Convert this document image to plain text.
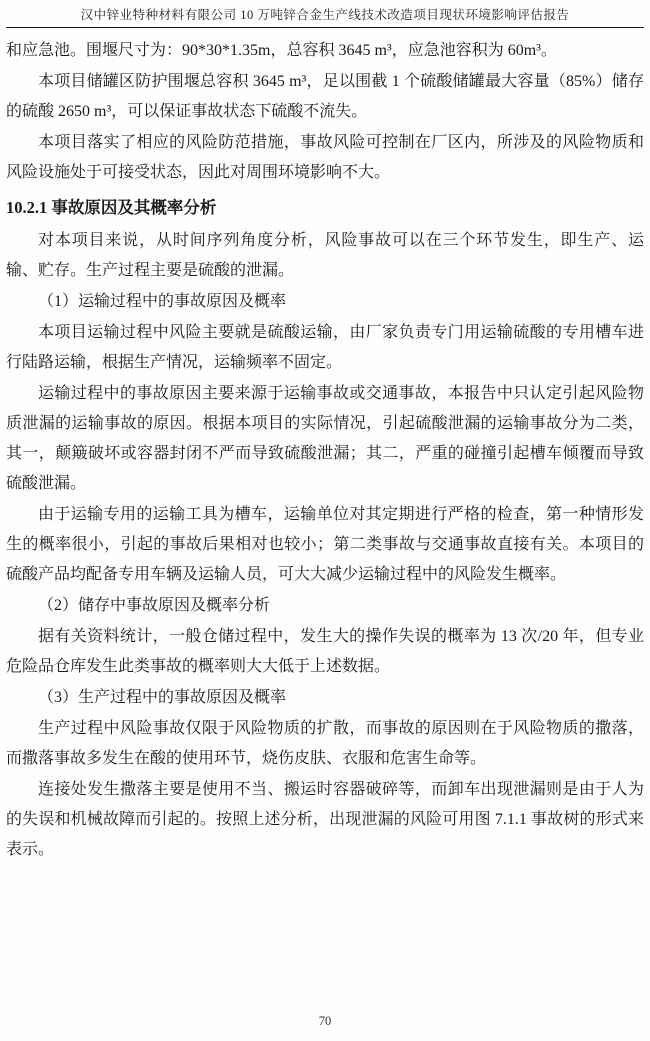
汉中锌业特种材料有限公司 10 万吨锌合金生产线技术改造项目现状环境影响评估报告

和应急池。围堰尺寸为：90*30*1.35m，总容积 3645 m³，应急池容积为 60m³。

本项目储罐区防护围堰总容积 3645 m³，足以围截 1 个硫酸储罐最大容量（85%）储存的硫酸 2650 m³，可以保证事故状态下硫酸不流失。

本项目落实了相应的风险防范措施，事故风险可控制在厂区内，所涉及的风险物质和风险设施处于可接受状态，因此对周围环境影响不大。

10.2.1 事故原因及其概率分析

对本项目来说，从时间序列角度分析，风险事故可以在三个环节发生，即生产、运输、贮存。生产过程主要是硫酸的泄漏。

（1）运输过程中的事故原因及概率

本项目运输过程中风险主要就是硫酸运输，由厂家负责专门用运输硫酸的专用槽车进行陆路运输，根据生产情况，运输频率不固定。

运输过程中的事故原因主要来源于运输事故或交通事故，本报告中只认定引起风险物质泄漏的运输事故的原因。根据本项目的实际情况，引起硫酸泄漏的运输事故分为二类，其一，颠簸破坏或容器封闭不严而导致硫酸泄漏；其二，严重的碰撞引起槽车倾覆而导致硫酸泄漏。

由于运输专用的运输工具为槽车，运输单位对其定期进行严格的检查，第一种情形发生的概率很小，引起的事故后果相对也较小；第二类事故与交通事故直接有关。本项目的硫酸产品均配备专用车辆及运输人员，可大大减少运输过程中的风险发生概率。

（2）储存中事故原因及概率分析

据有关资料统计，一般仓储过程中，发生大的操作失误的概率为 13 次/20 年，但专业危险品仓库发生此类事故的概率则大大低于上述数据。

（3）生产过程中的事故原因及概率

生产过程中风险事故仅限于风险物质的扩散，而事故的原因则在于风险物质的撒落，而撒落事故多发生在酸的使用环节，烧伤皮肤、衣服和危害生命等。

连接处发生撒落主要是使用不当、搬运时容器破碎等，而卸车出现泄漏则是由于人为的失误和机械故障而引起的。按照上述分析，出现泄漏的风险可用图 7.1.1 事故树的形式来表示。

70
